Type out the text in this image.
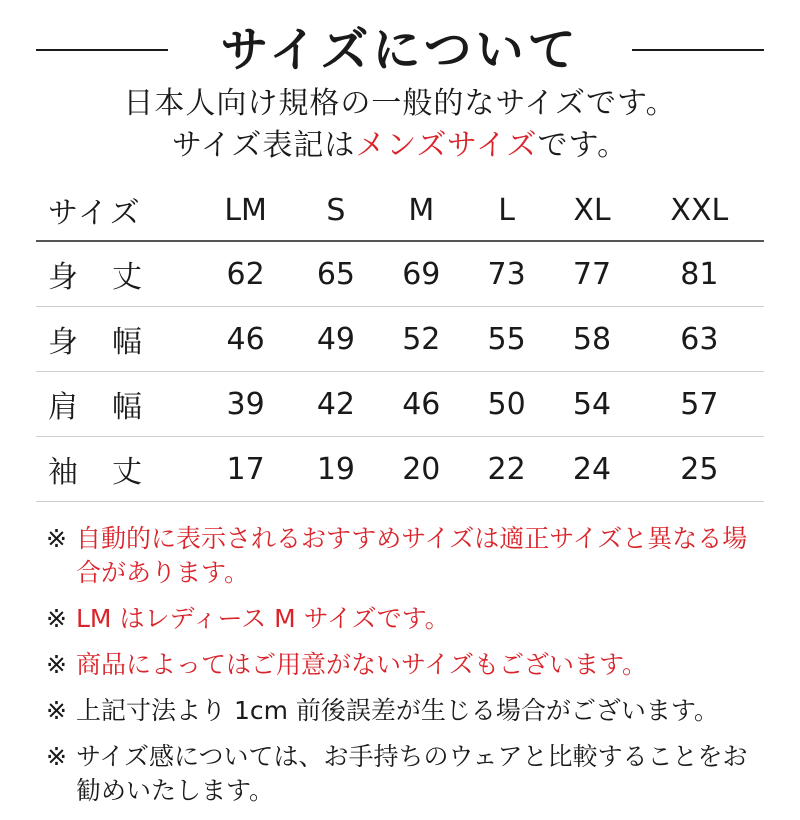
サイズについて
日本人向け規格の一般的なサイズです。
サイズ表記はメンズサイズです。
サイズ	LM	S	M	L	XL	XXL
身　丈	62	65	69	73	77	81
身　幅	46	49	52	55	58	63
肩　幅	39	42	46	50	54	57
袖　丈	17	19	20	22	24	25
※ 自動的に表示されるおすすめサイズは適正サイズと異なる場合があります。
※ LM はレディース M サイズです。
※ 商品によってはご用意がないサイズもございます。
※ 上記寸法より 1cm 前後誤差が生じる場合がございます。
※ サイズ感については、お手持ちのウェアと比較することをお勧めいたします。
